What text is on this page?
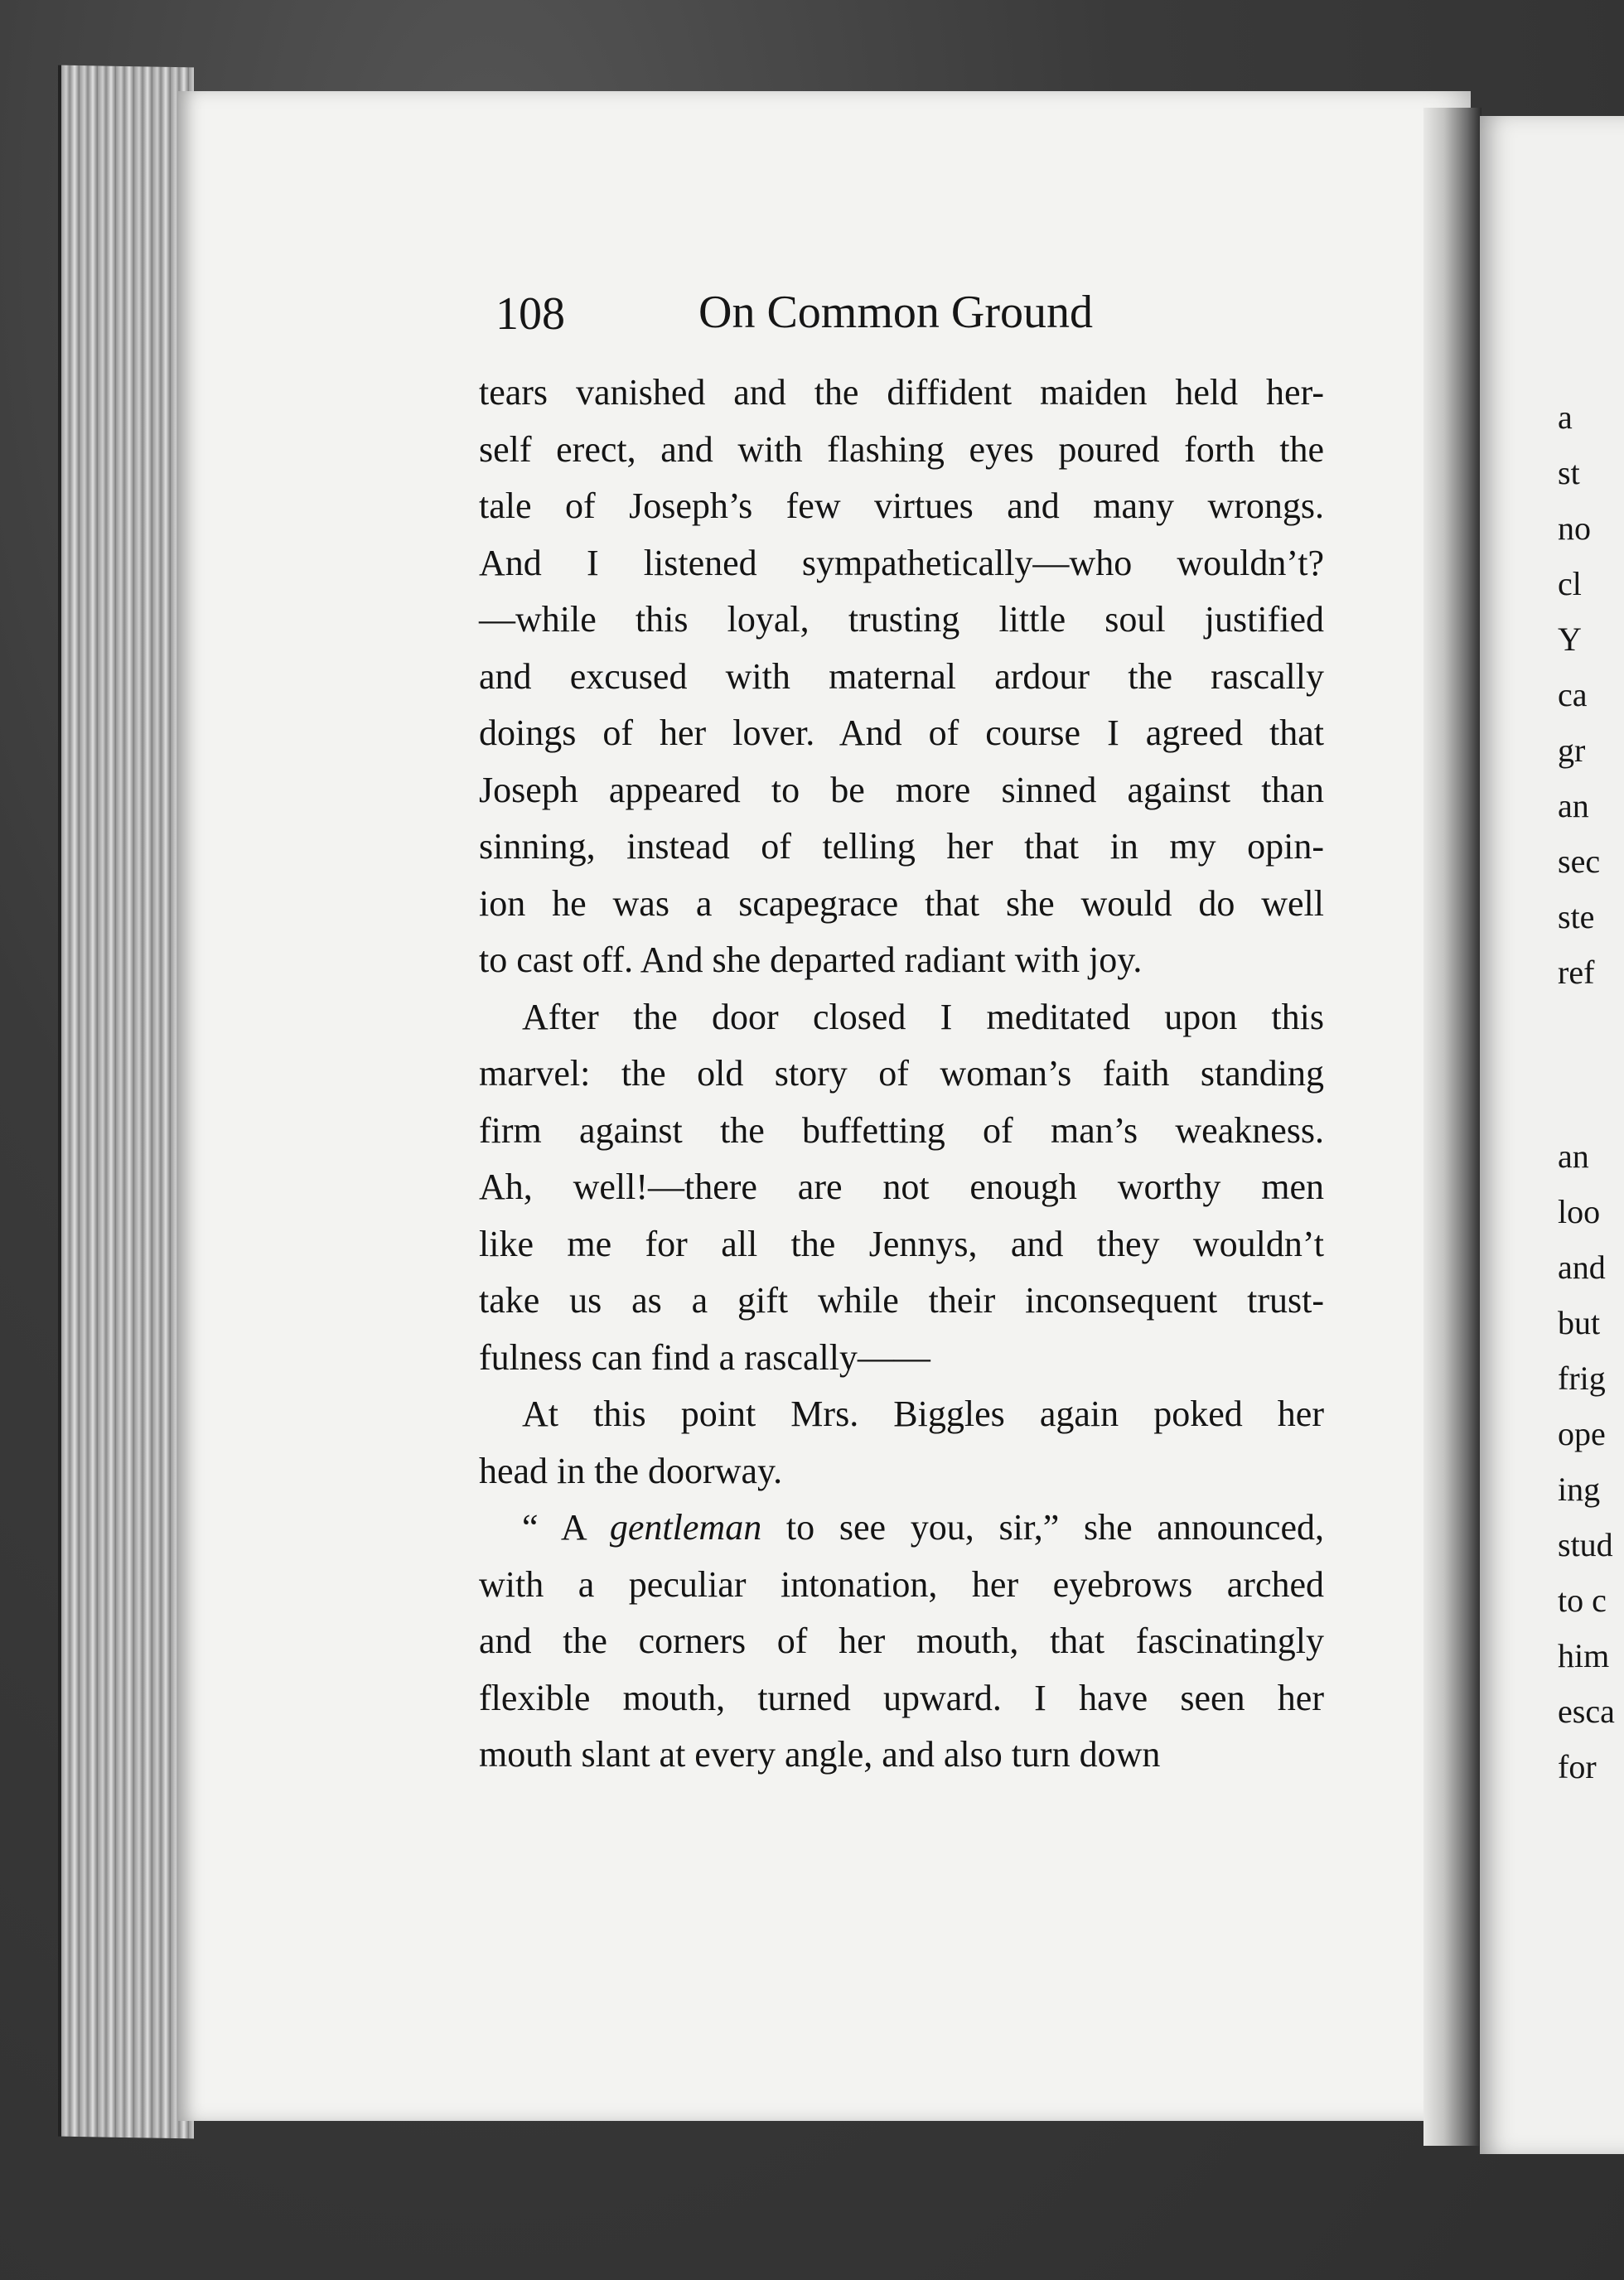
108	On Common Ground
tears vanished and the diffident maiden held her-
self erect, and with flashing eyes poured forth the
tale of Joseph’s few virtues and many wrongs.
And I listened sympathetically—who wouldn’t?
—while this loyal, trusting little soul justified
and excused with maternal ardour the rascally
doings of her lover. And of course I agreed that
Joseph appeared to be more sinned against than
sinning, instead of telling her that in my opin-
ion he was a scapegrace that she would do well
to cast off. And she departed radiant with joy.
After the door closed I meditated upon this
marvel: the old story of woman’s faith standing
firm against the buffetting of man’s weakness.
Ah, well!—there are not enough worthy men
like me for all the Jennys, and they wouldn’t
take us as a gift while their inconsequent trust-
fulness can find a rascally——
At this point Mrs. Biggles again poked her
head in the doorway.
“ A gentleman to see you, sir,” she announced,
with a peculiar intonation, her eyebrows arched
and the corners of her mouth, that fascinatingly
flexible mouth, turned upward. I have seen her
mouth slant at every angle, and also turn down
a
st
no
cl
Y
ca
gr
an
sec
ste
ref
an
loo
and
but
frig
ope
ing
stud
to c
him
esca
for
